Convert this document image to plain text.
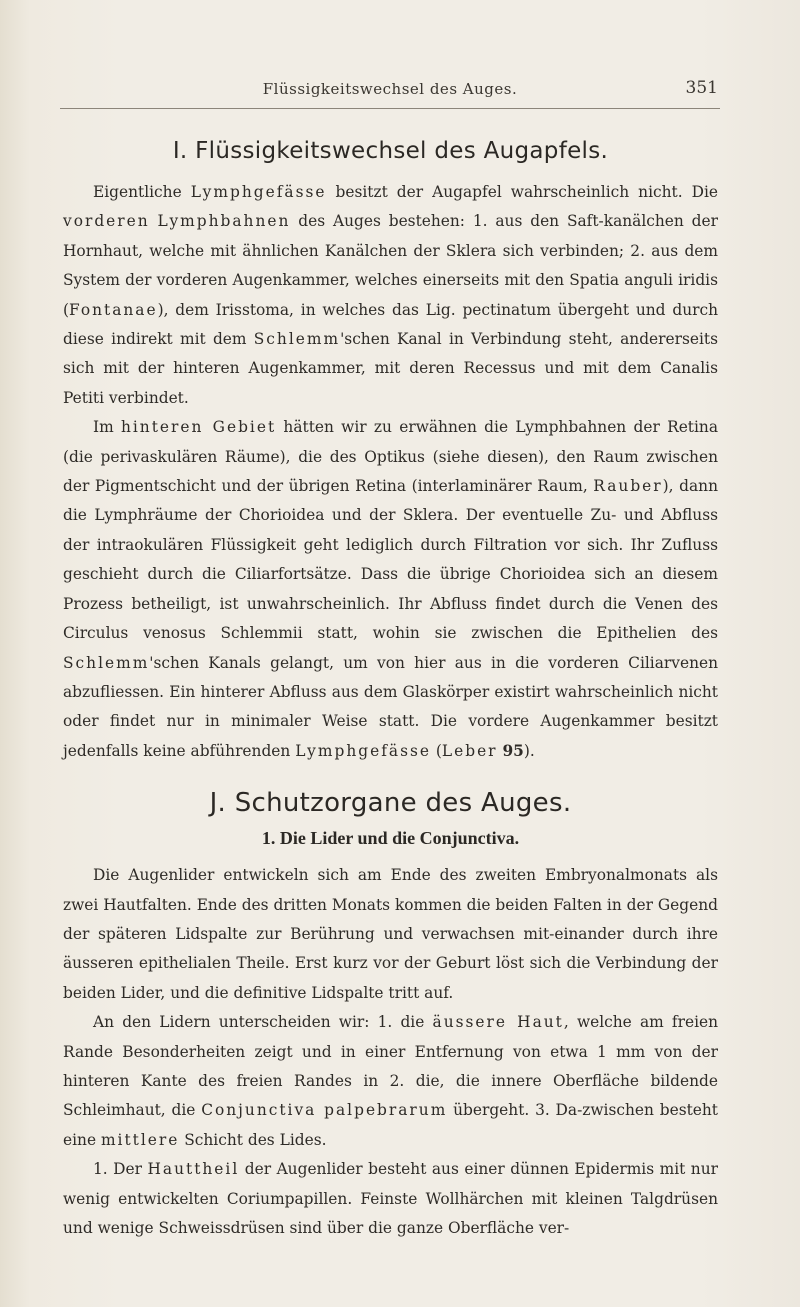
Flüssigkeitswechsel des Auges.	351
I. Flüssigkeitswechsel des Augapfels.

Eigentliche Lymphgefässe besitzt der Augapfel wahrscheinlich nicht. Die vorderen Lymphbahnen des Auges bestehen: 1. aus den Saft-kanälchen der Hornhaut, welche mit ähnlichen Kanälchen der Sklera sich verbinden; 2. aus dem System der vorderen Augenkammer, welches einerseits mit den Spatia anguli iridis (Fontanae), dem Irisstoma, in welches das Lig. pectinatum übergeht und durch diese indirekt mit dem Schlemm'schen Kanal in Verbindung steht, andererseits sich mit der hinteren Augenkammer, mit deren Recessus und mit dem Canalis Petiti verbindet.

Im hinteren Gebiet hätten wir zu erwähnen die Lymphbahnen der Retina (die perivaskulären Räume), die des Optikus (siehe diesen), den Raum zwischen der Pigmentschicht und der übrigen Retina (interlaminärer Raum, Rauber), dann die Lymphräume der Chorioidea und der Sklera. Der eventuelle Zu- und Abfluss der intraokulären Flüssigkeit geht lediglich durch Filtration vor sich. Ihr Zufluss geschieht durch die Ciliarfortsätze. Dass die übrige Chorioidea sich an diesem Prozess betheiligt, ist unwahrscheinlich. Ihr Abfluss findet durch die Venen des Circulus venosus Schlemmii statt, wohin sie zwischen die Epithelien des Schlemm'schen Kanals gelangt, um von hier aus in die vorderen Ciliarvenen abzufliessen. Ein hinterer Abfluss aus dem Glaskörper existirt wahrscheinlich nicht oder findet nur in minimaler Weise statt. Die vordere Augenkammer besitzt jedenfalls keine abführenden Lymphgefässe (Leber 95).

J. Schutzorgane des Auges.
1. Die Lider und die Conjunctiva.

Die Augenlider entwickeln sich am Ende des zweiten Embryonalmonats als zwei Hautfalten. Ende des dritten Monats kommen die beiden Falten in der Gegend der späteren Lidspalte zur Berührung und verwachsen mit-einander durch ihre äusseren epithelialen Theile. Erst kurz vor der Geburt löst sich die Verbindung der beiden Lider, und die definitive Lidspalte tritt auf.

An den Lidern unterscheiden wir: 1. die äussere Haut, welche am freien Rande Besonderheiten zeigt und in einer Entfernung von etwa 1 mm von der hinteren Kante des freien Randes in 2. die, die innere Oberfläche bildende Schleimhaut, die Conjunctiva palpebrarum übergeht. 3. Da-zwischen besteht eine mittlere Schicht des Lides.

1. Der Hauttheil der Augenlider besteht aus einer dünnen Epidermis mit nur wenig entwickelten Coriumpapillen. Feinste Wollhärchen mit kleinen Talgdrüsen und wenige Schweissdrüsen sind über die ganze Oberfläche ver-
